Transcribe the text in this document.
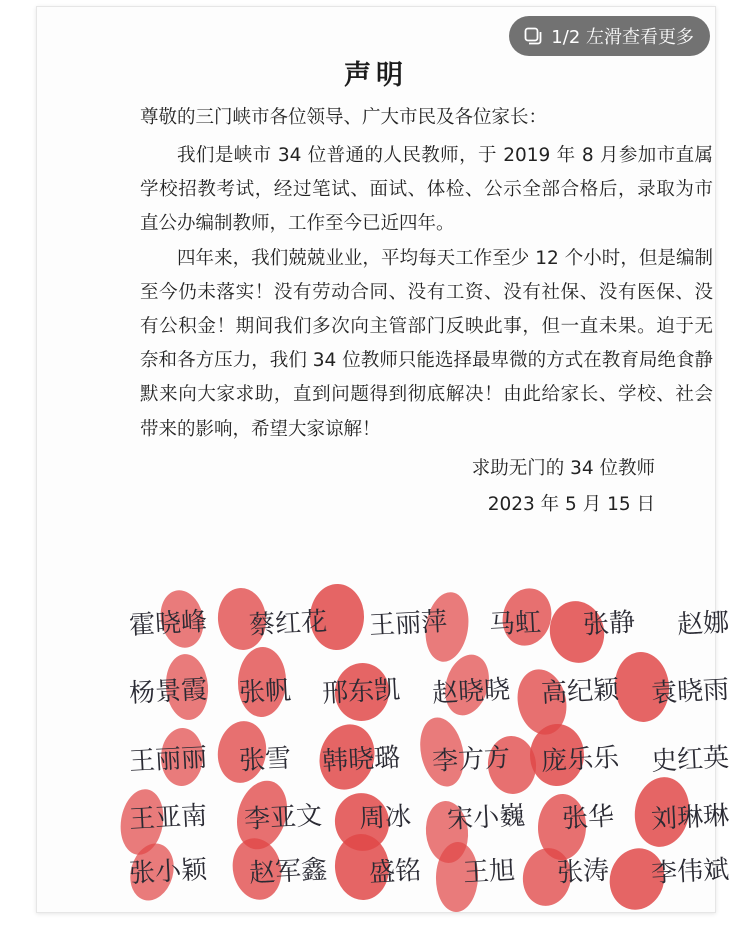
声明
尊敬的三门峡市各位领导、广大市民及各位家长：

我们是峡市 34 位普通的人民教师，于 2019 年 8 月参加市直属学校招教考试，经过笔试、面试、体检、公示全部合格后，录取为市直公办编制教师，工作至今已近四年。

四年来，我们兢兢业业，平均每天工作至少 12 个小时，但是编制至今仍未落实！没有劳动合同、没有工资、没有社保、没有医保、没有公积金！期间我们多次向主管部门反映此事，但一直未果。迫于无奈和各方压力，我们 34 位教师只能选择最卑微的方式在教育局绝食静默来向大家求助，直到问题得到彻底解决！由此给家长、学校、社会带来的影响，希望大家谅解！

求助无门的 34 位教师
2023 年 5 月 15 日
霍晓峰 蔡红花 王丽萍 马虹 张静 赵娜
杨景霞 张帆 邢东凯 赵晓晓 高纪颖 袁晓雨
王丽丽 张雪 韩晓璐 李方方 庞乐乐 史红英
王亚南 李亚文 周冰 宋小巍 张华 刘琳琳
张小颖 赵军鑫 盛铭 王旭 张涛 李伟斌
1/2 左滑查看更多
